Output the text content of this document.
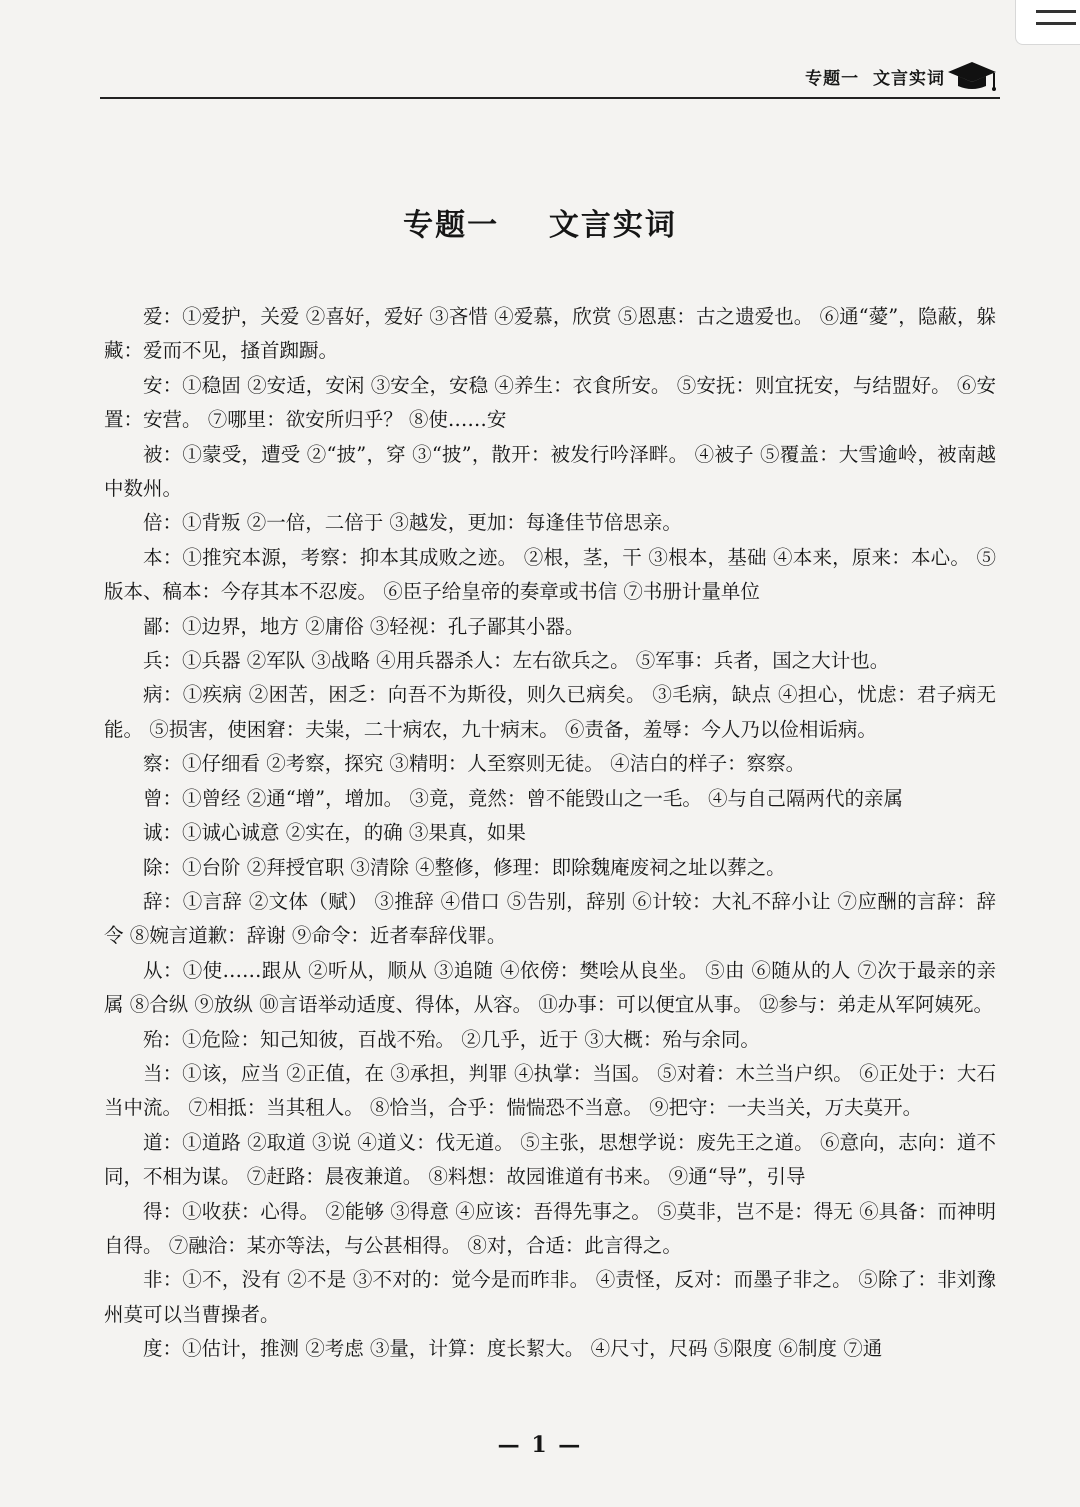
专题一  文言实词
专题一    文言实词

爱：①爱护，关爱 ②喜好，爱好 ③吝惜 ④爱慕，欣赏 ⑤恩惠：古之遗爱也。 ⑥通“薆”，隐蔽，躲藏：爱而不见，搔首踟蹰。

安：①稳固 ②安适，安闲 ③安全，安稳 ④养生：衣食所安。 ⑤安抚：则宜抚安，与结盟好。 ⑥安置：安营。 ⑦哪里：欲安所归乎？ ⑧使……安

被：①蒙受，遭受 ②“披”，穿 ③“披”，散开：被发行吟泽畔。 ④被子 ⑤覆盖：大雪逾岭，被南越中数州。

倍：①背叛 ②一倍，二倍于 ③越发，更加：每逢佳节倍思亲。

本：①推究本源，考察：抑本其成败之迹。 ②根，茎，干 ③根本，基础 ④本来，原来：本心。 ⑤版本、稿本：今存其本不忍废。 ⑥臣子给皇帝的奏章或书信 ⑦书册计量单位

鄙：①边界，地方 ②庸俗 ③轻视：孔子鄙其小器。

兵：①兵器 ②军队 ③战略 ④用兵器杀人：左右欲兵之。 ⑤军事：兵者，国之大计也。

病：①疾病 ②困苦，困乏：向吾不为斯役，则久已病矣。 ③毛病，缺点 ④担心，忧虑：君子病无能。 ⑤损害，使困窘：夫粜，二十病农，九十病末。 ⑥责备，羞辱：今人乃以俭相诟病。

察：①仔细看 ②考察，探究 ③精明：人至察则无徒。 ④洁白的样子：察察。

曾：①曾经 ②通“增”，增加。 ③竟，竟然：曾不能毁山之一毛。 ④与自己隔两代的亲属

诚：①诚心诚意 ②实在，的确 ③果真，如果

除：①台阶 ②拜授官职 ③清除 ④整修，修理：即除魏庵废祠之址以葬之。

辞：①言辞 ②文体（赋） ③推辞 ④借口 ⑤告别，辞别 ⑥计较：大礼不辞小让 ⑦应酬的言辞：辞令 ⑧婉言道歉：辞谢 ⑨命令：近者奉辞伐罪。

从：①使……跟从 ②听从，顺从 ③追随 ④依傍：樊哙从良坐。 ⑤由 ⑥随从的人 ⑦次于最亲的亲属 ⑧合纵 ⑨放纵 ⑩言语举动适度、得体，从容。 ⑪办事：可以便宜从事。 ⑫参与：弟走从军阿姨死。

殆：①危险：知己知彼，百战不殆。 ②几乎，近于 ③大概：殆与余同。

当：①该，应当 ②正值，在 ③承担，判罪 ④执掌：当国。 ⑤对着：木兰当户织。 ⑥正处于：大石当中流。 ⑦相抵：当其租人。 ⑧恰当，合乎：惴惴恐不当意。 ⑨把守：一夫当关，万夫莫开。

道：①道路 ②取道 ③说 ④道义：伐无道。 ⑤主张，思想学说：废先王之道。 ⑥意向，志向：道不同，不相为谋。 ⑦赶路：晨夜兼道。 ⑧料想：故园谁道有书来。 ⑨通“导”，引导

得：①收获：心得。 ②能够 ③得意 ④应该：吾得先事之。 ⑤莫非，岂不是：得无 ⑥具备：而神明自得。 ⑦融洽：某亦等法，与公甚相得。 ⑧对，合适：此言得之。

非：①不，没有 ②不是 ③不对的：觉今是而昨非。 ④责怪，反对：而墨子非之。 ⑤除了：非刘豫州莫可以当曹操者。

度：①估计，推测 ②考虑 ③量，计算：度长絜大。 ④尺寸，尺码 ⑤限度 ⑥制度 ⑦通

— 1 —
